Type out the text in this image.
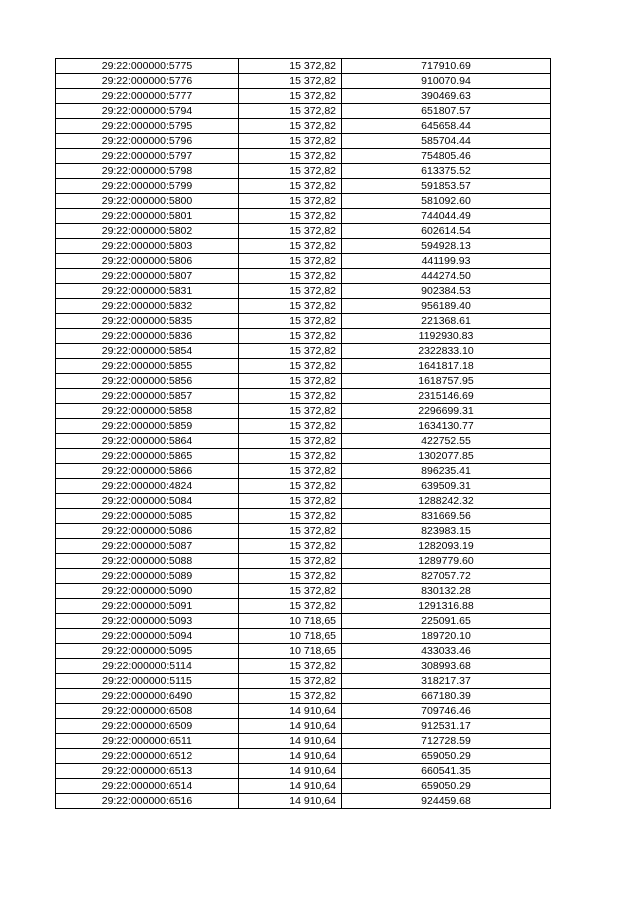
29:22:000000:5775	15 372,82	717910.69
29:22:000000:5776	15 372,82	910070.94
29:22:000000:5777	15 372,82	390469.63
29:22:000000:5794	15 372,82	651807.57
29:22:000000:5795	15 372,82	645658.44
29:22:000000:5796	15 372,82	585704.44
29:22:000000:5797	15 372,82	754805.46
29:22:000000:5798	15 372,82	613375.52
29:22:000000:5799	15 372,82	591853.57
29:22:000000:5800	15 372,82	581092.60
29:22:000000:5801	15 372,82	744044.49
29:22:000000:5802	15 372,82	602614.54
29:22:000000:5803	15 372,82	594928.13
29:22:000000:5806	15 372,82	441199.93
29:22:000000:5807	15 372,82	444274.50
29:22:000000:5831	15 372,82	902384.53
29:22:000000:5832	15 372,82	956189.40
29:22:000000:5835	15 372,82	221368.61
29:22:000000:5836	15 372,82	1192930.83
29:22:000000:5854	15 372,82	2322833.10
29:22:000000:5855	15 372,82	1641817.18
29:22:000000:5856	15 372,82	1618757.95
29:22:000000:5857	15 372,82	2315146.69
29:22:000000:5858	15 372,82	2296699.31
29:22:000000:5859	15 372,82	1634130.77
29:22:000000:5864	15 372,82	422752.55
29:22:000000:5865	15 372,82	1302077.85
29:22:000000:5866	15 372,82	896235.41
29:22:000000:4824	15 372,82	639509.31
29:22:000000:5084	15 372,82	1288242.32
29:22:000000:5085	15 372,82	831669.56
29:22:000000:5086	15 372,82	823983.15
29:22:000000:5087	15 372,82	1282093.19
29:22:000000:5088	15 372,82	1289779.60
29:22:000000:5089	15 372,82	827057.72
29:22:000000:5090	15 372,82	830132.28
29:22:000000:5091	15 372,82	1291316.88
29:22:000000:5093	10 718,65	225091.65
29:22:000000:5094	10 718,65	189720.10
29:22:000000:5095	10 718,65	433033.46
29:22:000000:5114	15 372,82	308993.68
29:22:000000:5115	15 372,82	318217.37
29:22:000000:6490	15 372,82	667180.39
29:22:000000:6508	14 910,64	709746.46
29:22:000000:6509	14 910,64	912531.17
29:22:000000:6511	14 910,64	712728.59
29:22:000000:6512	14 910,64	659050.29
29:22:000000:6513	14 910,64	660541.35
29:22:000000:6514	14 910,64	659050.29
29:22:000000:6516	14 910,64	924459.68
